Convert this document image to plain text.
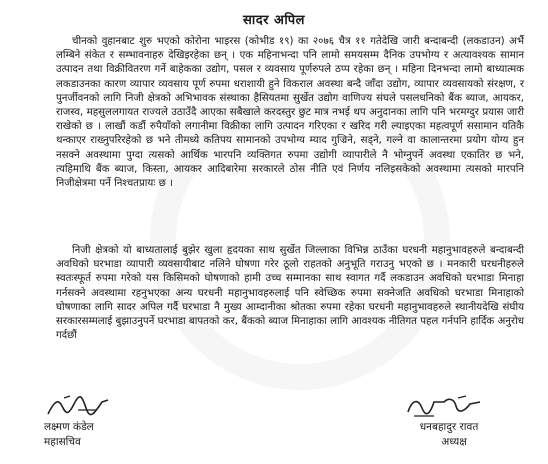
सादर अपिल

चीनको वुहानबाट शुरु भएको कोरोना भाइरस (कोभीड १९) का २०७६ चैत्र ११ गतेदेखि जारी बन्दाबन्दी (लकडाउन) अर्भै लम्बिने संकेत र सम्भावनाहरु देखिइरहेका छन् । एक महिनाभन्दा पनि लामो समयसम्म दैनिक उपभोग्य र अत्यावश्यक सामान उत्पादन तथा विक्रीवितरण गर्ने बाहेकका उद्योग, पसल र व्यवसाय पूर्णरुपले ठप्प रहेका छन् । महिना दिनभन्दा लामो बाध्यात्मक लकडाउनका कारण व्यापार व्यवसाय पूर्ण रुपमा धराशायी हुने विकराल अवस्था बन्दै जाँदा उद्योग, व्यापार व्यवसायको संरक्षण, र पुनर्जीवनको लागि निजी क्षेत्रको अभिभावक संस्थाका हैसियतमा सुर्खेत उद्योग वाणिज्य संघले पसलधनिको बैंक ब्याज, आयकर, राजस्व, महसुललगायत राज्यले उठाउँदै आएका सबैखाले करदस्तुर छुट मात्र नभई थप अनुदानका लागि पनि भरमग्दुर प्रयास जारी राखेको छ । लाखौं कर्डौ रुपैयाँको लगानीमा विक्रीका लागि उत्पादन गरिएका र खरिद गरी ल्याइएका महत्वपूर्ण ससामान यतिकै थन्काएर राख्नुपरिरहेको छ भने तीमध्ये कतिपय सामानको उपभोग्य म्याद गुज्रिने, सड्ने, गल्ने वा कालान्तरमा प्रयोग योग्य हुन नसक्ने अवस्थामा पुग्दा त्यसको आर्थिक भारपनि व्यक्तिगत रुपमा उद्योगी व्यापारीले नै भोग्नुपर्ने अवस्था एकातिर छ भने, त्यहिमाथि बैंक ब्याज, किस्ता, आयकर आदिबारेमा सरकारले ठोस नीति एवं निर्णय नलिइसकेको अवस्थामा त्यसको मारपनि निजीक्षेत्रमा पर्ने निश्चतप्रायः छ ।

निजी क्षेत्रको यो बाध्यतालाई बुझेर खुला हृदयका साथ सुर्खेत जिल्लाका विभिन्न ठाउँका घरधनी महानुभावहरुले बन्दाबन्दी अवधिको घरभाडा व्यापारी व्यवसायीबाट नलिने घोषणा गरेर ठूलो राहतको अनुभूति गराउनु भएको छ । मनकारी घरधनीहरुले स्वतःस्फूर्त रुपमा गरेको यस किसिमको घोषणाको हामी उच्च सम्मानका साथ स्वागत गर्दै लकडाउन अवधिको घरभाडा मिनाहा गर्नसक्ने अवस्थामा रहनुभएका अन्य घरधनी महानुभावहरुलाई पनि स्वेच्छिक रुपमा सक्नेजति अवधिको घरभाडा मिनाहाको घोषणाका लागि सादर अपिल गर्दै घरभाडा नै मुख्य आम्दानीका श्रोतका रुपमा रहेका घरधनी महानुभावहरुले स्थानीयदेखि संघीय सरकारसम्मलाई बुझाउनुपर्ने घरभाडा बापतको कर, बैंकको ब्याज मिनाहाका लागि आवश्यक नीतिगत पहल गर्नपनि हार्दिक अनुरोध गर्दछौं

लक्ष्मण कंडेल
महासचिव
धनबहादुर रावत
अध्यक्ष
